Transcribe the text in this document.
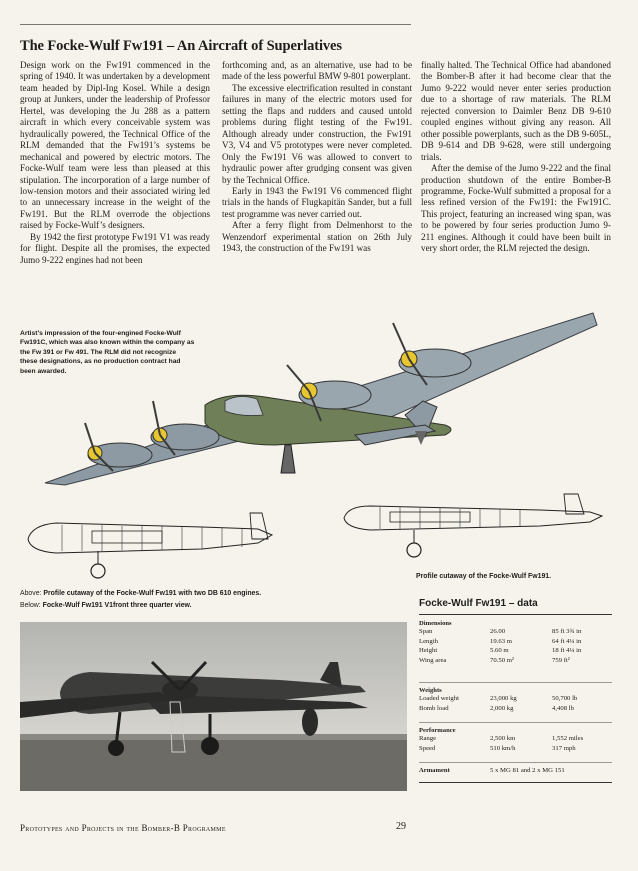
The Focke-Wulf Fw191 – An Aircraft of Superlatives

Design work on the Fw191 commenced in the spring of 1940. It was undertaken by a development team headed by Dipl-Ing Kosel. While a design group at Junkers, under the leadership of Professor Hertel, was developing the Ju 288 as a pattern aircraft in which every conceivable system was hydraulically powered, the Technical Office of the RLM demanded that the Fw191’s systems be mechanical and powered by electric motors. The Focke-Wulf team were less than pleased at this stipulation. The incorporation of a large number of low-tension motors and their associated wiring led to an unnecessary increase in the weight of the Fw191. But the RLM overrode the objections raised by Focke-Wulf’s designers.

By 1942 the first prototype Fw191 V1 was ready for flight. Despite all the promises, the expected Jumo 9-222 engines had not been

forthcoming and, as an alternative, use had to be made of the less powerful BMW 9-801 powerplant.

The excessive electrification resulted in constant failures in many of the electric motors used for setting the flaps and rudders and caused untold problems during flight testing of the Fw191. Although already under construction, the Fw191 V3, V4 and V5 prototypes were never completed. Only the Fw191 V6 was allowed to convert to hydraulic power after grudging consent was given by the Technical Office.

Early in 1943 the Fw191 V6 commenced flight trials in the hands of Flugkapitän Sander, but a full test programme was never carried out.

After a ferry flight from Delmenhorst to the Wenzendorf experimental station on 26th July 1943, the construction of the Fw191 was

finally halted. The Technical Office had abandoned the Bomber-B after it had become clear that the Jumo 9-222 would never enter series production due to a shortage of raw materials. The RLM rejected conversion to Daimler Benz DB 9-610 coupled engines without giving any reason. All other possible powerplants, such as the DB 9-605L, DB 9-614 and DB 9-628, were still undergoing trials.

After the demise of the Jumo 9-222 and the final production shutdown of the entire Bomber-B programme, Focke-Wulf submitted a proposal for a less refined version of the Fw191: the Fw191C. This project, featuring an increased wing span, was to be powered by four series production Jumo 9-211 engines. Although it could have been built in very short order, the RLM rejected the design.

Artist’s impression of the four-engined Focke-Wulf Fw191C, which was also known within the company as the Fw 391 or Fw 491. The RLM did not recognize these designations, as no production contract had been awarded.
Profile cutaway of the Focke-Wulf Fw191.
Above: Profile cutaway of the Focke-Wulf Fw191 with two DB 610 engines.
Below: Focke-Wulf Fw191 V1front three quarter view.	Focke-Wulf Fw191 – data
Dimensions
Span	26.00	85 ft 3¾ in
Length	19.63 m	64 ft 4¼ in
Height	5.60 m	18 ft 4¼ in
Wing area	70.50 m²	759 ft²
Weights
Loaded weight	23,000 kg	50,700 lb
Bomb load	2,000 kg	4,408 lb
Performance
Range	2,500 km	1,552 miles
Speed	510 km/h	317 mph
Armament	5 x MG 81 and 2 x MG 151
Prototypes and Projects in the Bomber-B Programme	29
